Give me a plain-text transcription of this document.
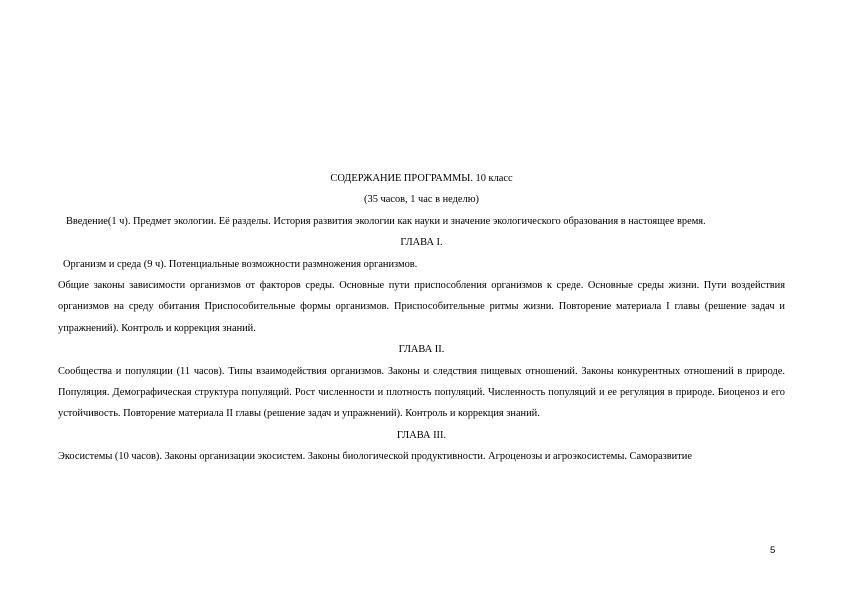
СОДЕРЖАНИЕ ПРОГРАММЫ. 10 класс

(35 часов, 1 час в неделю)

Введение(1 ч). Предмет экологии. Её разделы. История развития экологии как науки и значение экологического образования в настоящее время.

ГЛАВА I.

Организм и среда (9 ч). Потенциальные возможности размножения организмов.

Общие законы зависимости организмов от факторов среды. Основные пути приспособления организмов к среде. Основные среды жизни. Пути воздействия организмов на среду обитания Приспособительные формы организмов. Приспособительные ритмы жизни. Повторение материала I главы (решение задач и упражнений). Контроль и коррекция знаний.

ГЛАВА II.

Сообщества и популяции (11 часов). Типы взаимодействия организмов. Законы и следствия пищевых отношений. Законы конкурентных отношений в природе. Популяция. Демографическая структура популяций. Рост численности и плотность популяций. Численность популяций и ее регуляция в природе. Биоценоз и его устойчивость. Повторение материала II главы (решение задач и упражнений). Контроль и коррекция знаний.

ГЛАВА III.

Экосистемы (10 часов). Законы организации экосистем. Законы биологической продуктивности. Агроценозы и агроэкосистемы. Саморазвитие

5
